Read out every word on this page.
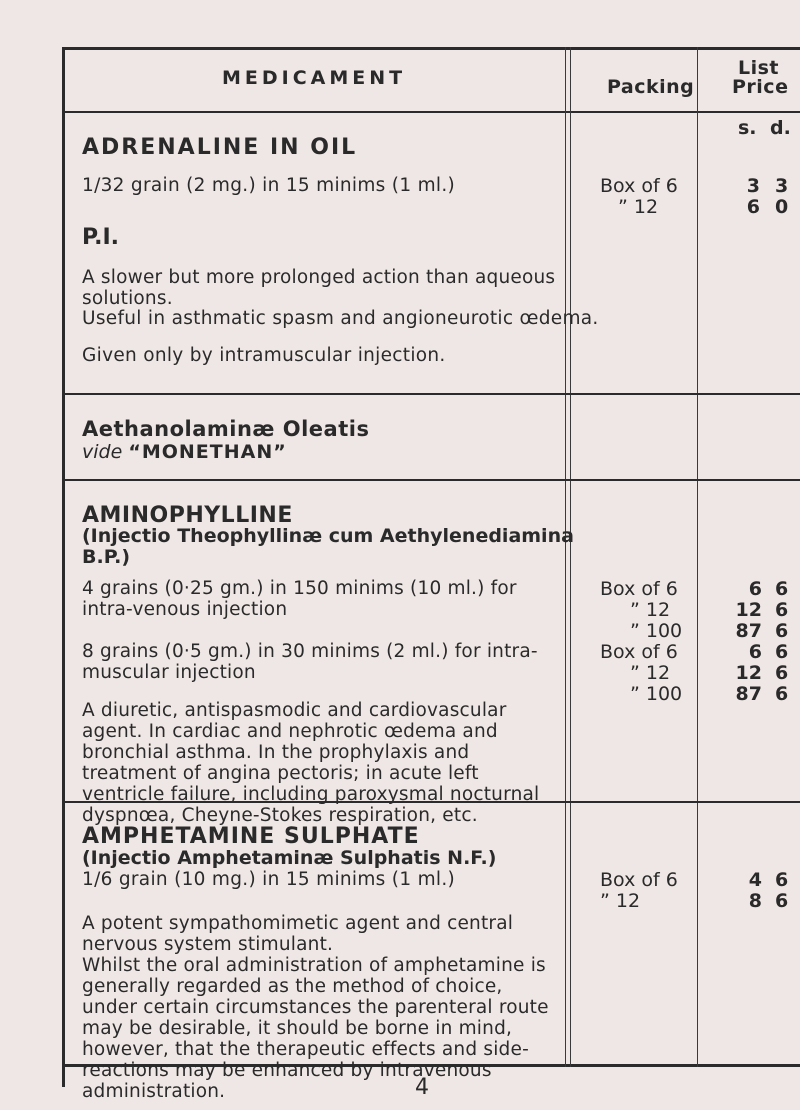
MEDICAMENT	Packing
List
Price
s. d.
ADRENALINE IN OIL
1/32 grain (2 mg.) in 15 minims (1 ml.)
P.I.
A slower but more prolonged action than aqueous solutions.
Useful in asthmatic spasm and angioneurotic œdema.
Given only by intramuscular injection.
Box of 6
” 12
3
6
3
0
Aethanolaminæ Oleatis
vide “MONETHAN”
AMINOPHYLLINE
(Injectio Theophyllinæ cum Aethylenediamina
B.P.)
4 grains (0·25 gm.) in 150 minims (10 ml.) for intra-venous injection
8 grains (0·5 gm.) in 30 minims (2 ml.) for intra-muscular injection
A diuretic, antispasmodic and cardiovascular agent. In cardiac and nephrotic œdema and bronchial asthma. In the prophylaxis and treatment of angina pectoris; in acute left ventricle failure, including paroxysmal nocturnal dyspnœa, Cheyne-Stokes respiration, etc.
Box of 6
” 12
” 100
Box of 6
” 12
” 100
6
12
87
6
12
87
6
6
6
6
6
6
AMPHETAMINE SULPHATE
(Injectio Amphetaminæ Sulphatis N.F.)
1/6 grain (10 mg.) in 15 minims (1 ml.)
A potent sympathomimetic agent and central nervous system stimulant.
Whilst the oral administration of amphetamine is generally regarded as the method of choice, under certain circumstances the parenteral route may be desirable, it should be borne in mind, however, that the therapeutic effects and side-reactions may be enhanced by intravenous administration.
Box of 6
” 12
4
8
6
6
4
